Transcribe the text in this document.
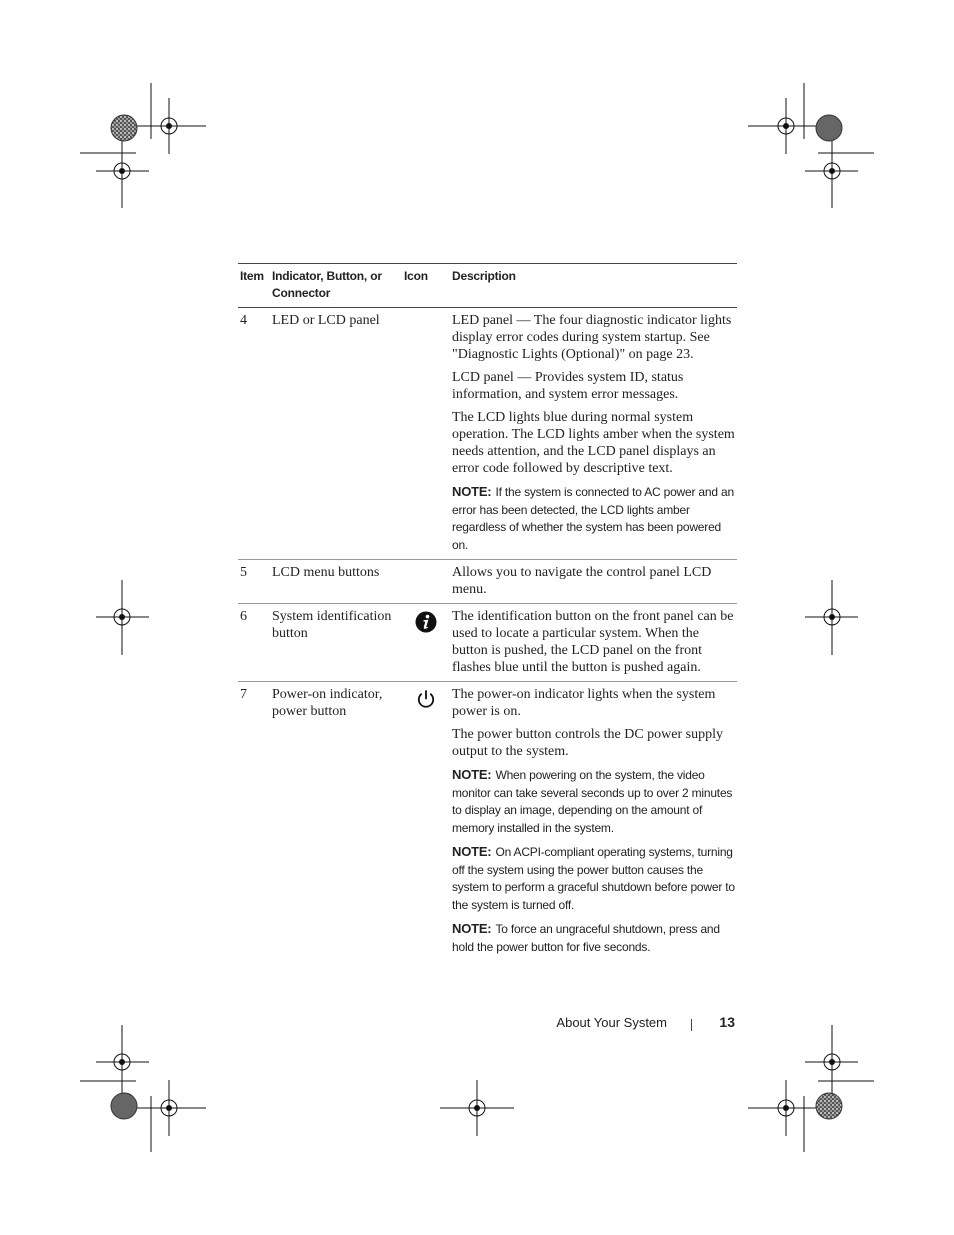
Item	Indicator, Button, or Connector	Icon	Description
4	LED or LCD panel		LED panel — The four diagnostic indicator lights display error codes during system startup. See "Diagnostic Lights (Optional)" on page 23.
LCD panel — Provides system ID, status information, and system error messages.
The LCD lights blue during normal system operation. The LCD lights amber when the system needs attention, and the LCD panel displays an error code followed by descriptive text.
NOTE: If the system is connected to AC power and an error has been detected, the LCD lights amber regardless of whether the system has been powered on.

5	LCD menu buttons		Allows you to navigate the control panel LCD menu.

6	System identification button		The identification button on the front panel can be used to locate a particular system. When the button is pushed, the LCD panel on the front flashes blue until the button is pushed again.

7	Power-on indicator, power button		The power-on indicator lights when the system power is on.
The power button controls the DC power supply output to the system.
NOTE: When powering on the system, the video monitor can take several seconds up to over 2 minutes to display an image, depending on the amount of memory installed in the system.
NOTE: On ACPI-compliant operating systems, turning off the system using the power button causes the system to perform a graceful shutdown before power to the system is turned off.
NOTE: To force an ungraceful shutdown, press and hold the power button for five seconds.
About Your System	13
